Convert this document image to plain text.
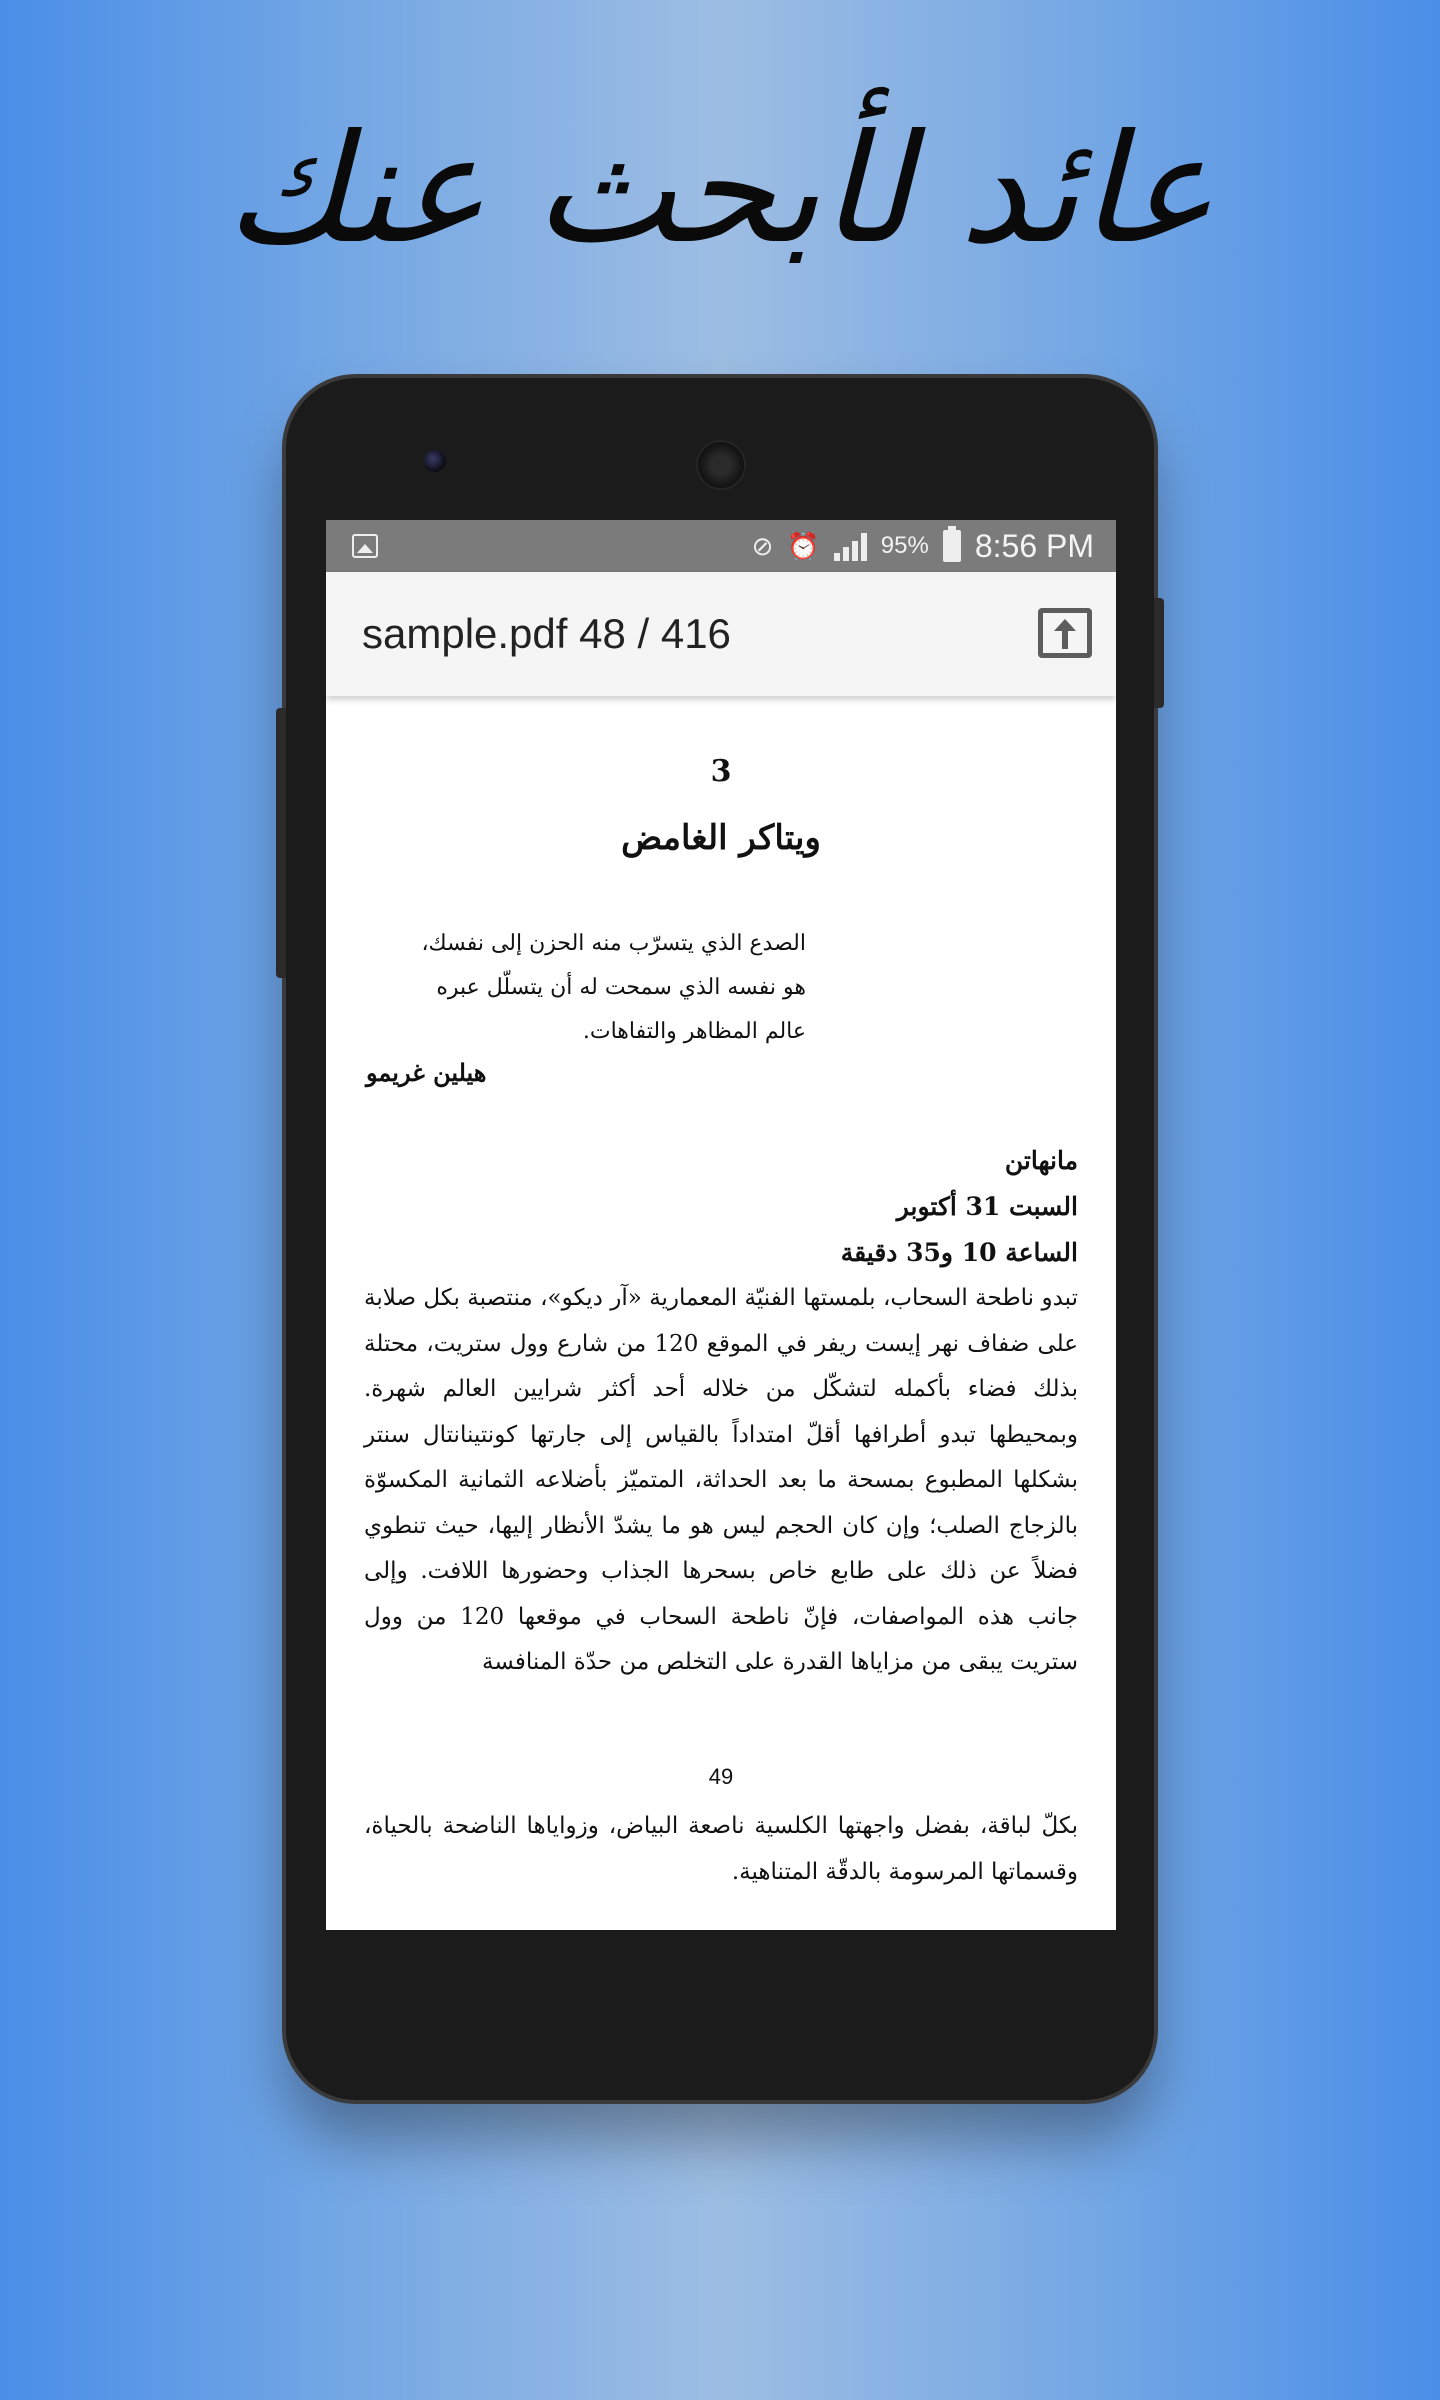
عائد لأبحث عنك
⊘ ⏰	95% 8:56 PM
sample.pdf 48 / 416
3
ويتاكر الغامض
الصدع الذي يتسرّب منه الحزن إلى نفسك،
هو نفسه الذي سمحت له أن يتسلّل عبره
عالم المظاهر والتفاهات.
هيلين غريمو
مانهاتن
السبت 31 أكتوبر
الساعة 10 و35 دقيقة
تبدو ناطحة السحاب، بلمستها الفنيّة المعمارية «آر ديكو»، منتصبة بكل صلابة على ضفاف نهر إيست ريفر في الموقع 120 من شارع وول ستريت، محتلة بذلك فضاء بأكمله لتشكّل من خلاله أحد أكثر شرايين العالم شهرة. وبمحيطها تبدو أطرافها أقلّ امتداداً بالقياس إلى جارتها كونتينانتال سنتر بشكلها المطبوع بمسحة ما بعد الحداثة، المتميّز بأضلاعه الثمانية المكسوّة بالزجاج الصلب؛ وإن كان الحجم ليس هو ما يشدّ الأنظار إليها، حيث تنطوي فضلاً عن ذلك على طابع خاص بسحرها الجذاب وحضورها اللافت. وإلى جانب هذه المواصفات، فإنّ ناطحة السحاب في موقعها 120 من وول ستريت يبقى من مزاياها القدرة على التخلص من حدّة المنافسة
49
بكلّ لباقة، بفضل واجهتها الكلسية ناصعة البياض، وزواياها الناضحة بالحياة، وقسماتها المرسومة بالدقّة المتناهية.
